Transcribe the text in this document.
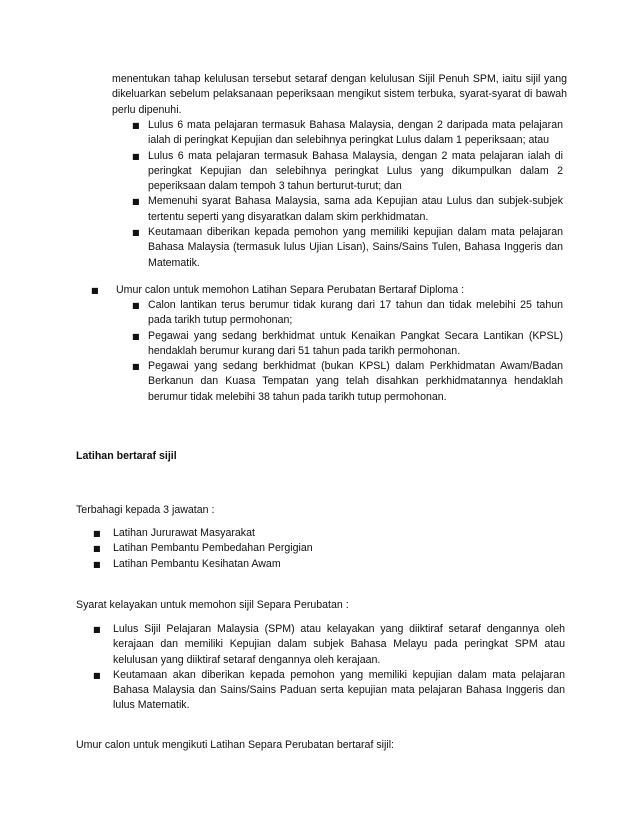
menentukan tahap kelulusan tersebut setaraf dengan kelulusan Sijil Penuh SPM, iaitu sijil yang dikeluarkan sebelum pelaksanaan peperiksaan mengikut sistem terbuka, syarat-syarat di bawah perlu dipenuhi.

■ Lulus 6 mata pelajaran termasuk Bahasa Malaysia, dengan 2 daripada mata pelajaran ialah di peringkat Kepujian dan selebihnya peringkat Lulus dalam 1 peperiksaan; atau
■ Lulus 6 mata pelajaran termasuk Bahasa Malaysia, dengan 2 mata pelajaran ialah di peringkat Kepujian dan selebihnya peringkat Lulus yang dikumpulkan dalam 2 peperiksaan dalam tempoh 3 tahun berturut-turut; dan
■ Memenuhi syarat Bahasa Malaysia, sama ada Kepujian atau Lulus dan subjek-subjek tertentu seperti yang disyaratkan dalam skim perkhidmatan.
■ Keutamaan diberikan kepada pemohon yang memiliki kepujian dalam mata pelajaran Bahasa Malaysia (termasuk lulus Ujian Lisan), Sains/Sains Tulen, Bahasa Inggeris dan Matematik.
■ Umur calon untuk memohon Latihan Separa Perubatan Bertaraf Diploma :
■ Calon lantikan terus berumur tidak kurang dari 17 tahun dan tidak melebihi 25 tahun pada tarikh tutup permohonan;
■ Pegawai yang sedang berkhidmat untuk Kenaikan Pangkat Secara Lantikan (KPSL) hendaklah berumur kurang dari 51 tahun pada tarikh permohonan.
■ Pegawai yang sedang berkhidmat (bukan KPSL) dalam Perkhidmatan Awam/Badan Berkanun dan Kuasa Tempatan yang telah disahkan perkhidmatannya hendaklah berumur tidak melebihi 38 tahun pada tarikh tutup permohonan.
Latihan bertaraf sijil
Terbahagi kepada 3 jawatan :
■ Latihan Jururawat Masyarakat
■ Latihan Pembantu Pembedahan Pergigian
■ Latihan Pembantu Kesihatan Awam
Syarat kelayakan untuk memohon sijil Separa Perubatan :
■ Lulus Sijil Pelajaran Malaysia (SPM) atau kelayakan yang diiktiraf setaraf dengannya oleh kerajaan dan memiliki Kepujian dalam subjek Bahasa Melayu pada peringkat SPM atau kelulusan yang diiktiraf setaraf dengannya oleh kerajaan.
■ Keutamaan akan diberikan kepada pemohon yang memiliki kepujian dalam mata pelajaran Bahasa Malaysia dan Sains/Sains Paduan serta kepujian mata pelajaran Bahasa Inggeris dan lulus Matematik.
Umur calon untuk mengikuti Latihan Separa Perubatan bertaraf sijil:
